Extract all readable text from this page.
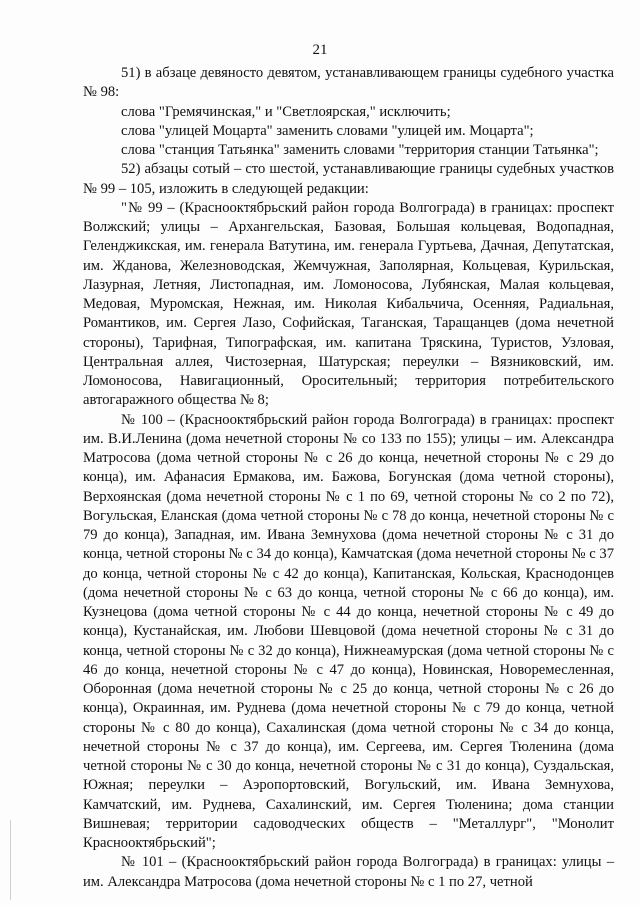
21

51) в абзаце девяносто девятом, устанавливающем границы судебного участка № 98:

слова "Гремячинская," и "Светлоярская," исключить;

слова "улицей Моцарта" заменить словами "улицей им. Моцарта";

слова "станция Татьянка" заменить словами "территория станции Татьянка";

52) абзацы сотый – сто шестой, устанавливающие границы судебных участков № 99 – 105, изложить в следующей редакции:

"№ 99 – (Краснооктябрьский район города Волгограда) в границах: проспект Волжский; улицы – Архангельская, Базовая, Большая кольцевая, Водопадная, Геленджикская, им. генерала Ватутина, им. генерала Гуртьева, Дачная, Депутатская, им. Жданова, Железноводская, Жемчужная, Заполярная, Кольцевая, Курильская, Лазурная, Летняя, Листопадная, им. Ломоносова, Лубянская, Малая кольцевая, Медовая, Муромская, Нежная, им. Николая Кибальчича, Осенняя, Радиальная, Романтиков, им. Сергея Лазо, Софийская, Таганская, Таращанцев (дома нечетной стороны), Тарифная, Типографская, им. капитана Тряскина, Туристов, Узловая, Центральная аллея, Чистозерная, Шатурская; переулки – Вязниковский, им. Ломоносова, Навигационный, Оросительный; территория потребительского автогаражного общества № 8;

№ 100 – (Краснооктябрьский район города Волгограда) в границах: проспект им. В.И.Ленина (дома нечетной стороны № со 133 по 155); улицы – им. Александра Матросова (дома четной стороны № с 26 до конца, нечетной стороны № с 29 до конца), им. Афанасия Ермакова, им. Бажова, Богунская (дома четной стороны), Верхоянская (дома нечетной стороны № с 1 по 69, четной стороны № со 2 по 72), Вогульская, Еланская (дома четной стороны № с 78 до конца, нечетной стороны № с 79 до конца), Западная, им. Ивана Земнухова (дома нечетной стороны № с 31 до конца, четной стороны № с 34 до конца), Камчатская (дома нечетной стороны № с 37 до конца, четной стороны № с 42 до конца), Капитанская, Кольская, Краснодонцев (дома нечетной стороны № с 63 до конца, четной стороны № с 66 до конца), им. Кузнецова (дома четной стороны № с 44 до конца, нечетной стороны № с 49 до конца), Кустанайская, им. Любови Шевцовой (дома нечетной стороны № с 31 до конца, четной стороны № с 32 до конца), Нижнеамурская (дома четной стороны № с 46 до конца, нечетной стороны № с 47 до конца), Новинская, Новоремесленная, Оборонная (дома нечетной стороны № с 25 до конца, четной стороны № с 26 до конца), Окраинная, им. Руднева (дома нечетной стороны № с 79 до конца, четной стороны № с 80 до конца), Сахалинская (дома четной стороны № с 34 до конца, нечетной стороны № с 37 до конца), им. Сергеева, им. Сергея Тюленина (дома четной стороны № с 30 до конца, нечетной стороны № с 31 до конца), Суздальская, Южная; переулки – Аэропортовский, Вогульский, им. Ивана Земнухова, Камчатский, им. Руднева, Сахалинский, им. Сергея Тюленина; дома станции Вишневая; территории садоводческих обществ – "Металлург", "Монолит Краснооктябрьский";

№ 101 – (Краснооктябрьский район города Волгограда) в границах: улицы – им. Александра Матросова (дома нечетной стороны № с 1 по 27, четной
